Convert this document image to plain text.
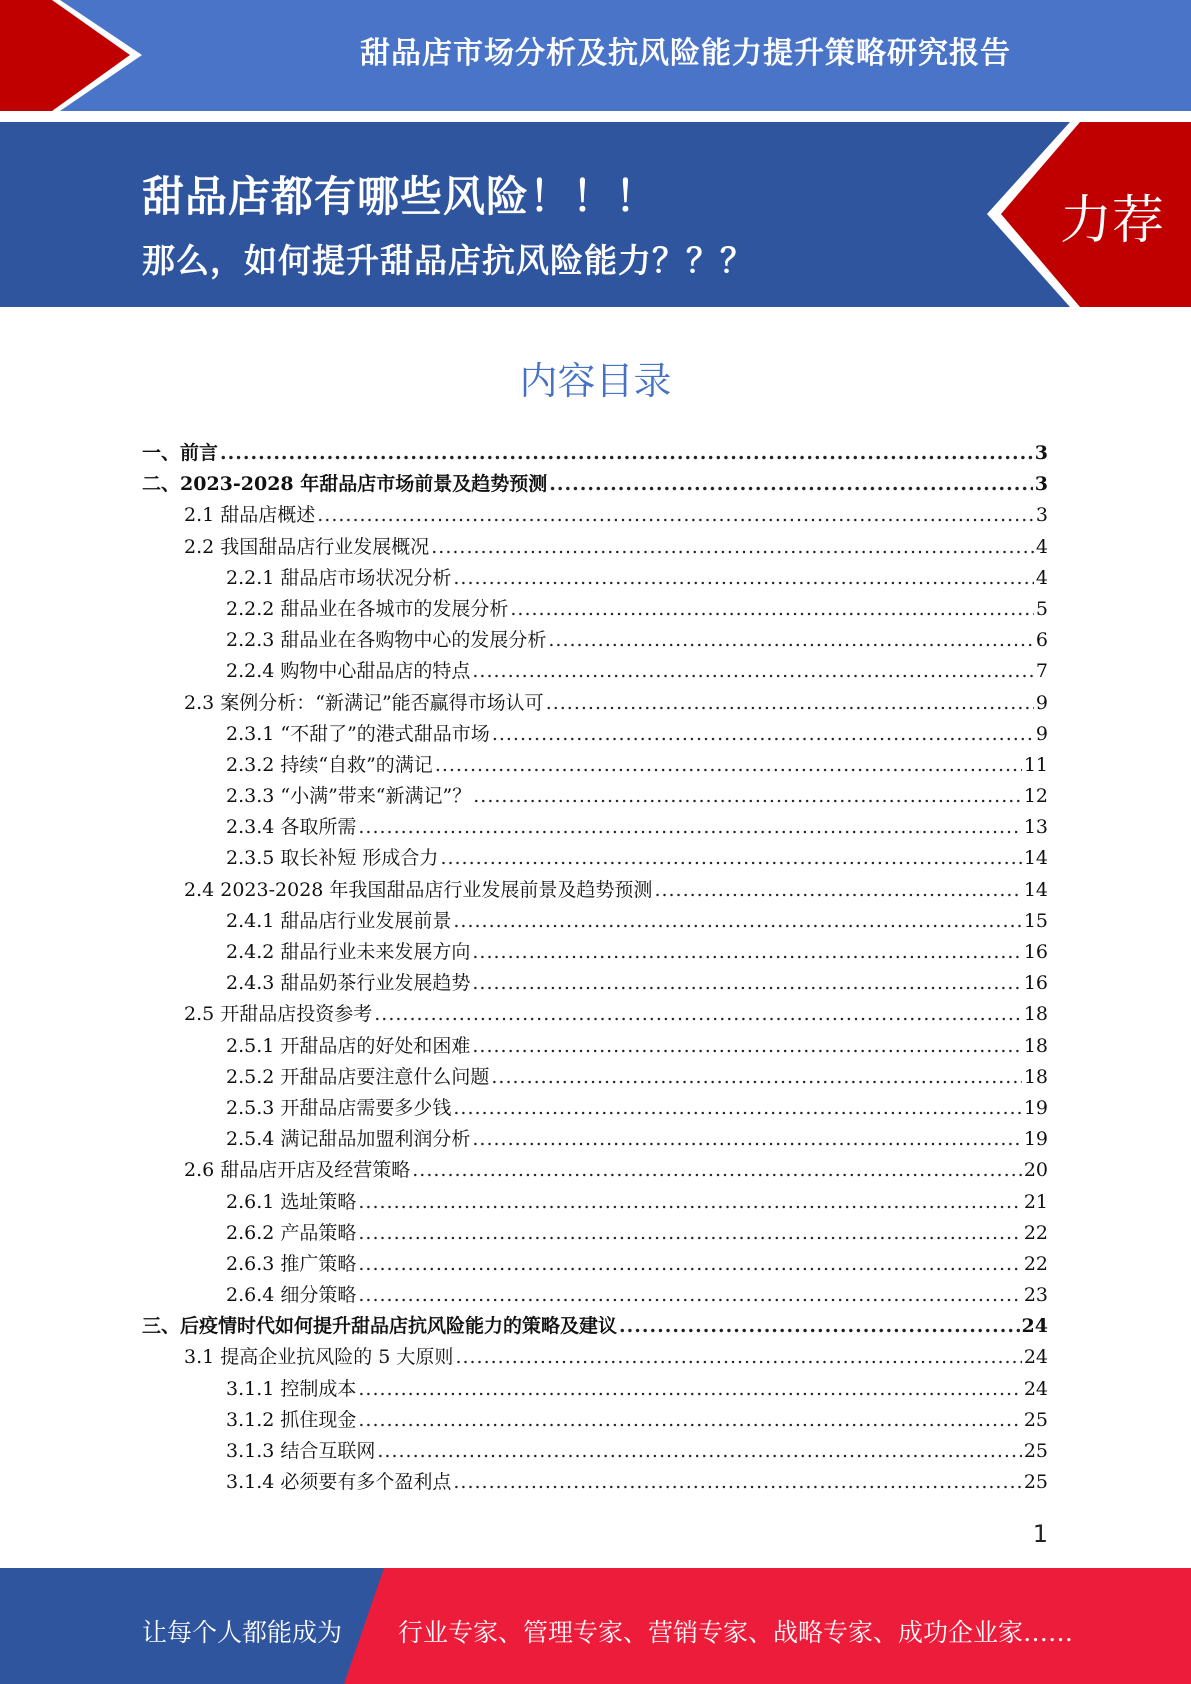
甜品店市场分析及抗风险能力提升策略研究报告
甜品店都有哪些风险！！！
那么，如何提升甜品店抗风险能力？？？
力荐
内容目录
一、前言 .....	3
二、2023-2028 年甜品店市场前景及趋势预测 .....	3
2.1 甜品店概述 .....	3
2.2 我国甜品店行业发展概况 .....	4
2.2.1 甜品店市场状况分析 .....	4
2.2.2 甜品业在各城市的发展分析 .....	5
2.2.3 甜品业在各购物中心的发展分析 .....	6
2.2.4 购物中心甜品店的特点 .....	7
2.3 案例分析：“新满记”能否赢得市场认可 .....	9
2.3.1 “不甜了”的港式甜品市场 .....	9
2.3.2 持续“自救”的满记 .....	11
2.3.3 “小满”带来“新满记”？ .....	12
2.3.4 各取所需 .....	13
2.3.5 取长补短 形成合力 .....	14
2.4 2023-2028 年我国甜品店行业发展前景及趋势预测 .....	14
2.4.1 甜品店行业发展前景 .....	15
2.4.2 甜品行业未来发展方向 .....	16
2.4.3 甜品奶茶行业发展趋势 .....	16
2.5 开甜品店投资参考 .....	18
2.5.1 开甜品店的好处和困难 .....	18
2.5.2 开甜品店要注意什么问题 .....	18
2.5.3 开甜品店需要多少钱 .....	19
2.5.4 满记甜品加盟利润分析 .....	19
2.6 甜品店开店及经营策略 .....	20
2.6.1 选址策略 .....	21
2.6.2 产品策略 .....	22
2.6.3 推广策略 .....	22
2.6.4 细分策略 .....	23
三、后疫情时代如何提升甜品店抗风险能力的策略及建议 .....	24
3.1 提高企业抗风险的 5 大原则 .....	24
3.1.1 控制成本 .....	24
3.1.2 抓住现金 .....	25
3.1.3 结合互联网 .....	25
3.1.4 必须要有多个盈利点 .....	25
1
让每个人都能成为 行业专家、管理专家、营销专家、战略专家、成功企业家……
